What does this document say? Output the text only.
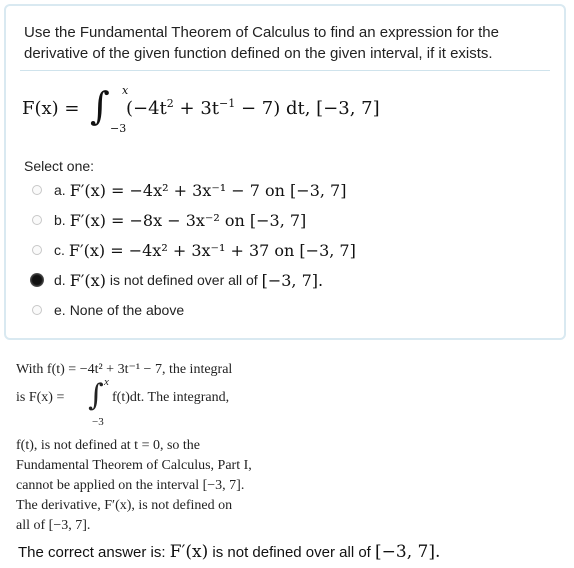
Use the Fundamental Theorem of Calculus to find an expression for the
derivative of the given function defined on the given interval, if it exists.
F(x) = ∫ x
−3
$(-4t^2 + 3t^{-1} - 7)$ dt, [−3, 7]
Select one:
a. F′(x) = −4x² + 3x⁻¹ − 7 on [−3, 7]
b. F′(x) = −8x − 3x⁻² on [−3, 7]
c. F′(x) = −4x² + 3x⁻¹ + 37 on [−3, 7]
d. F′(x) is not defined over all of [−3, 7].
e. None of the above
With f(t) = −4t² + 3t⁻¹ − 7, the integral
is F(x) = ∫ x
−3
f(t)dt. The integrand,
f(t), is not defined at t = 0, so the
Fundamental Theorem of Calculus, Part I,
cannot be applied on the interval [−3, 7].
The derivative, F′(x), is not defined on
all of [−3, 7].
The correct answer is: F′(x) is not defined over all of [−3, 7].
